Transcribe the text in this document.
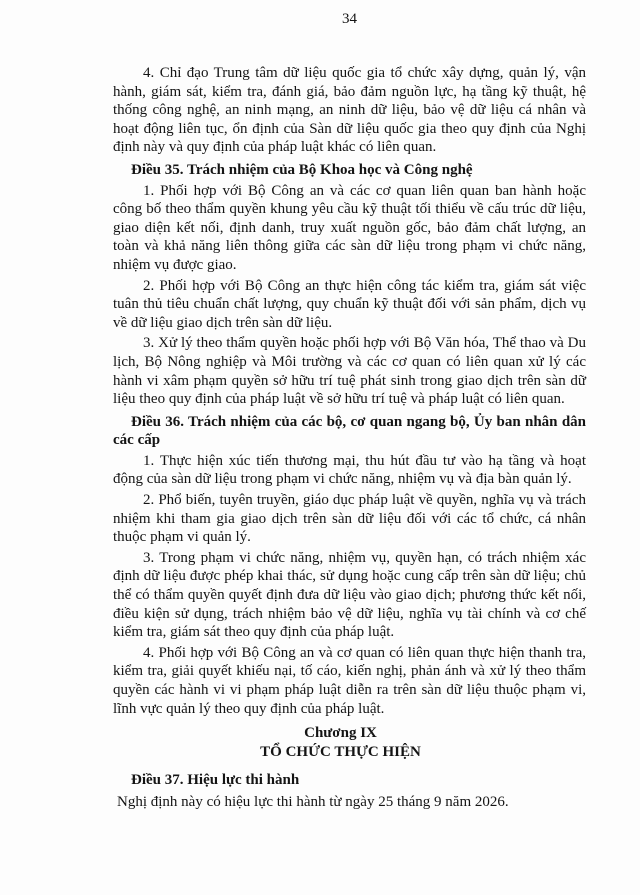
34

4. Chỉ đạo Trung tâm dữ liệu quốc gia tổ chức xây dựng, quản lý, vận hành, giám sát, kiểm tra, đánh giá, bảo đảm nguồn lực, hạ tầng kỹ thuật, hệ thống công nghệ, an ninh mạng, an ninh dữ liệu, bảo vệ dữ liệu cá nhân và hoạt động liên tục, ổn định của Sàn dữ liệu quốc gia theo quy định của Nghị định này và quy định của pháp luật khác có liên quan.

Điều 35. Trách nhiệm của Bộ Khoa học và Công nghệ

1. Phối hợp với Bộ Công an và các cơ quan liên quan ban hành hoặc công bố theo thẩm quyền khung yêu cầu kỹ thuật tối thiểu về cấu trúc dữ liệu, giao diện kết nối, định danh, truy xuất nguồn gốc, bảo đảm chất lượng, an toàn và khả năng liên thông giữa các sàn dữ liệu trong phạm vi chức năng, nhiệm vụ được giao.

2. Phối hợp với Bộ Công an thực hiện công tác kiểm tra, giám sát việc tuân thủ tiêu chuẩn chất lượng, quy chuẩn kỹ thuật đối với sản phẩm, dịch vụ về dữ liệu giao dịch trên sàn dữ liệu.

3. Xử lý theo thẩm quyền hoặc phối hợp với Bộ Văn hóa, Thể thao và Du lịch, Bộ Nông nghiệp và Môi trường và các cơ quan có liên quan xử lý các hành vi xâm phạm quyền sở hữu trí tuệ phát sinh trong giao dịch trên sàn dữ liệu theo quy định của pháp luật về sở hữu trí tuệ và pháp luật có liên quan.

Điều 36. Trách nhiệm của các bộ, cơ quan ngang bộ, Ủy ban nhân dân các cấp

1. Thực hiện xúc tiến thương mại, thu hút đầu tư vào hạ tầng và hoạt động của sàn dữ liệu trong phạm vi chức năng, nhiệm vụ và địa bàn quản lý.

2. Phổ biến, tuyên truyền, giáo dục pháp luật về quyền, nghĩa vụ và trách nhiệm khi tham gia giao dịch trên sàn dữ liệu đối với các tổ chức, cá nhân thuộc phạm vi quản lý.

3. Trong phạm vi chức năng, nhiệm vụ, quyền hạn, có trách nhiệm xác định dữ liệu được phép khai thác, sử dụng hoặc cung cấp trên sàn dữ liệu; chủ thể có thẩm quyền quyết định đưa dữ liệu vào giao dịch; phương thức kết nối, điều kiện sử dụng, trách nhiệm bảo vệ dữ liệu, nghĩa vụ tài chính và cơ chế kiểm tra, giám sát theo quy định của pháp luật.

4. Phối hợp với Bộ Công an và cơ quan có liên quan thực hiện thanh tra, kiểm tra, giải quyết khiếu nại, tố cáo, kiến nghị, phản ánh và xử lý theo thẩm quyền các hành vi vi phạm pháp luật diễn ra trên sàn dữ liệu thuộc phạm vi, lĩnh vực quản lý theo quy định của pháp luật.

Chương IX
TỔ CHỨC THỰC HIỆN
Điều 37. Hiệu lực thi hành

Nghị định này có hiệu lực thi hành từ ngày 25 tháng 9 năm 2026.
